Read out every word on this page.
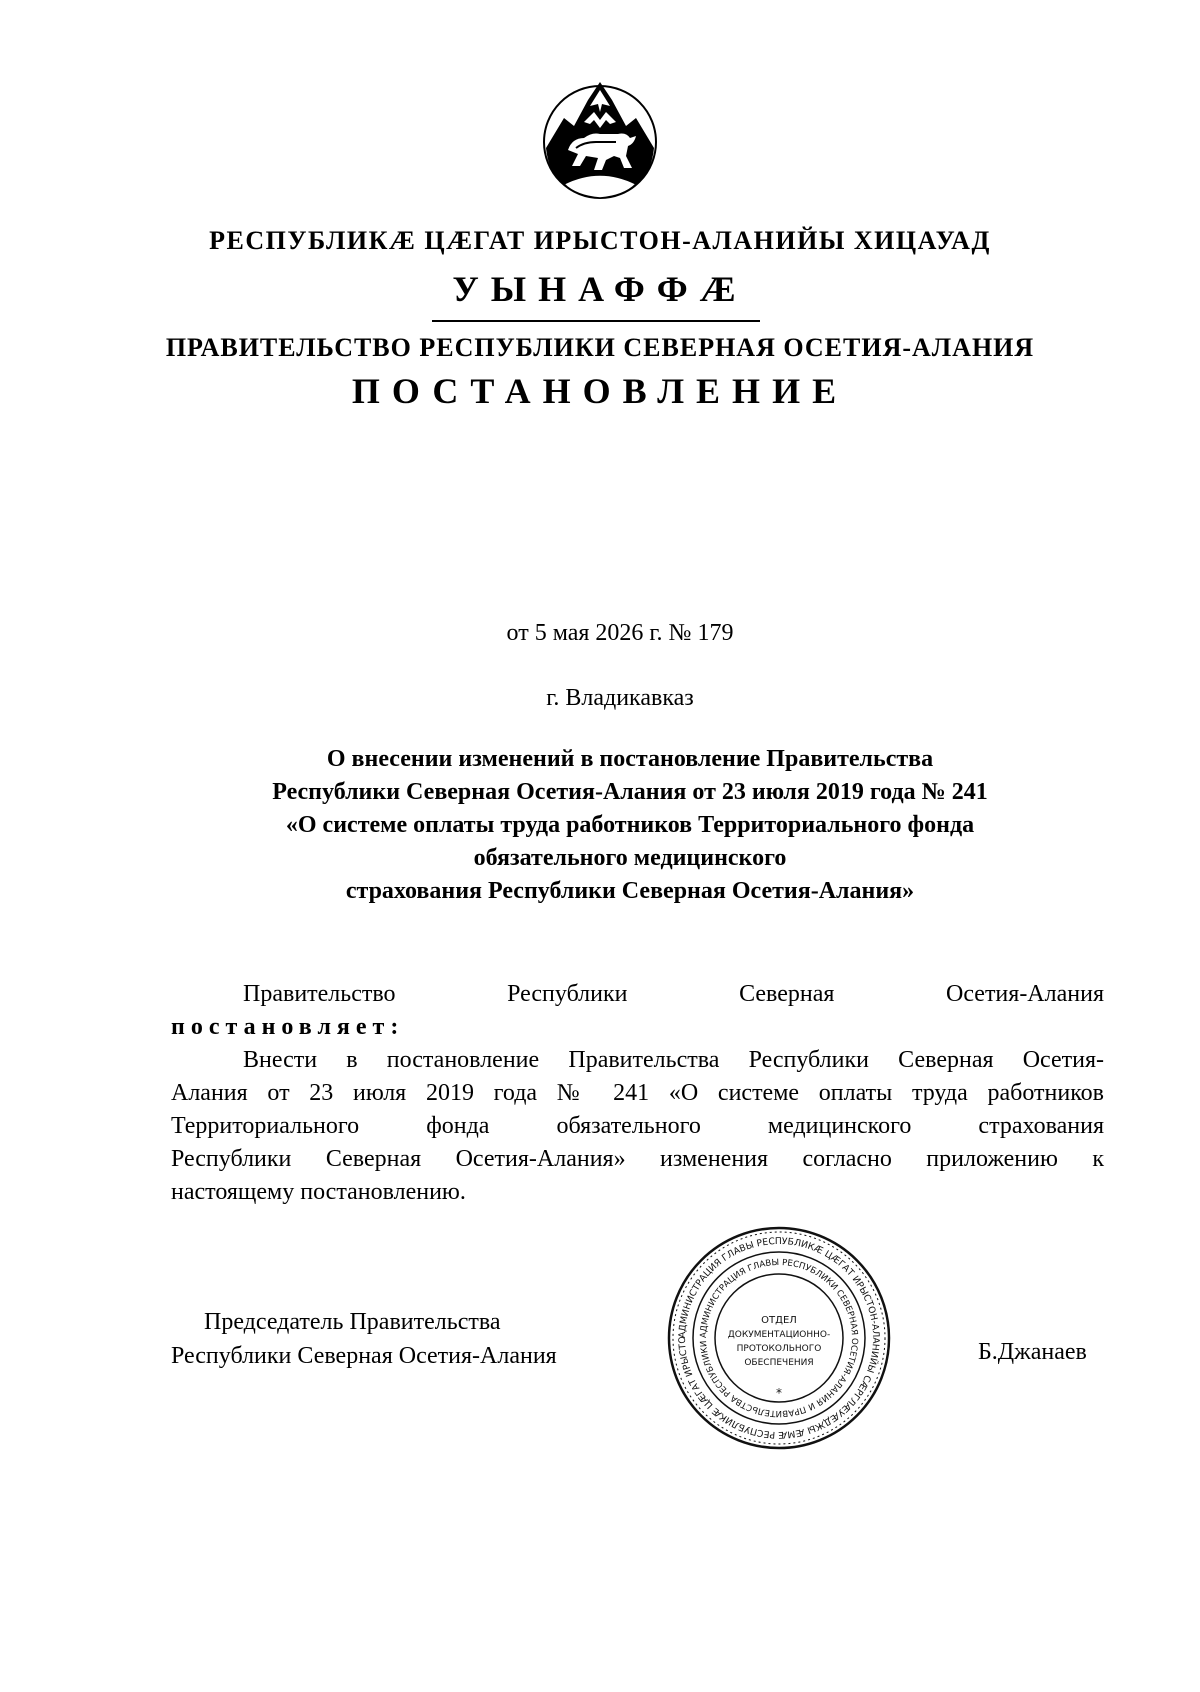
РЕСПУБЛИКÆ ЦÆГАТ ИРЫСТОН-АЛАНИЙЫ ХИЦАУАД
УЫНАФФÆ
ПРАВИТЕЛЬСТВО РЕСПУБЛИКИ СЕВЕРНАЯ ОСЕТИЯ-АЛАНИЯ
ПОСТАНОВЛЕНИЕ
от 5 мая 2026 г. № 179
г. Владикавказ
О внесении изменений в постановление Правительства
Республики Северная Осетия-Алания от 23 июля 2019 года № 241
«О системе оплаты труда работников Территориального фонда
обязательного медицинского
страхования Республики Северная Осетия-Алания»
Правительство	Республики	Северная	Осетия-Алания
постановляет:
Внести в постановление Правительства Республики Северная Осетия-
Алания от 23 июля 2019 года № 241 «О системе оплаты труда работников
Территориального фонда обязательного медицинского страхования
Республики Северная Осетия-Алания» изменения согласно приложению к
настоящему постановлению.
Председатель Правительства
Республики Северная Осетия-Алания	Б.Джанаев
АДМИНИСТРАЦИЯ ГЛАВЫ РЕСПУБЛИКÆ ЦÆГАТ ИРЫСТОН-АЛАНИЙЫ СÆРГЛÆУÆДЖЫ ÆМÆ РЕСПУБЛИКÆ ЦÆГАТ ИРЫСТО
АДМИНИСТРАЦИЯ ГЛАВЫ РЕСПУБЛИКИ СЕВЕРНАЯ ОСЕТИЯ-АЛАНИЯ И ПРАВИТЕЛЬСТВА РЕСПУБЛИКИ
ОТДЕЛ
ДОКУМЕНТАЦИОННО-
ПРОТОКОЛЬНОГО
ОБЕСПЕЧЕНИЯ
*
